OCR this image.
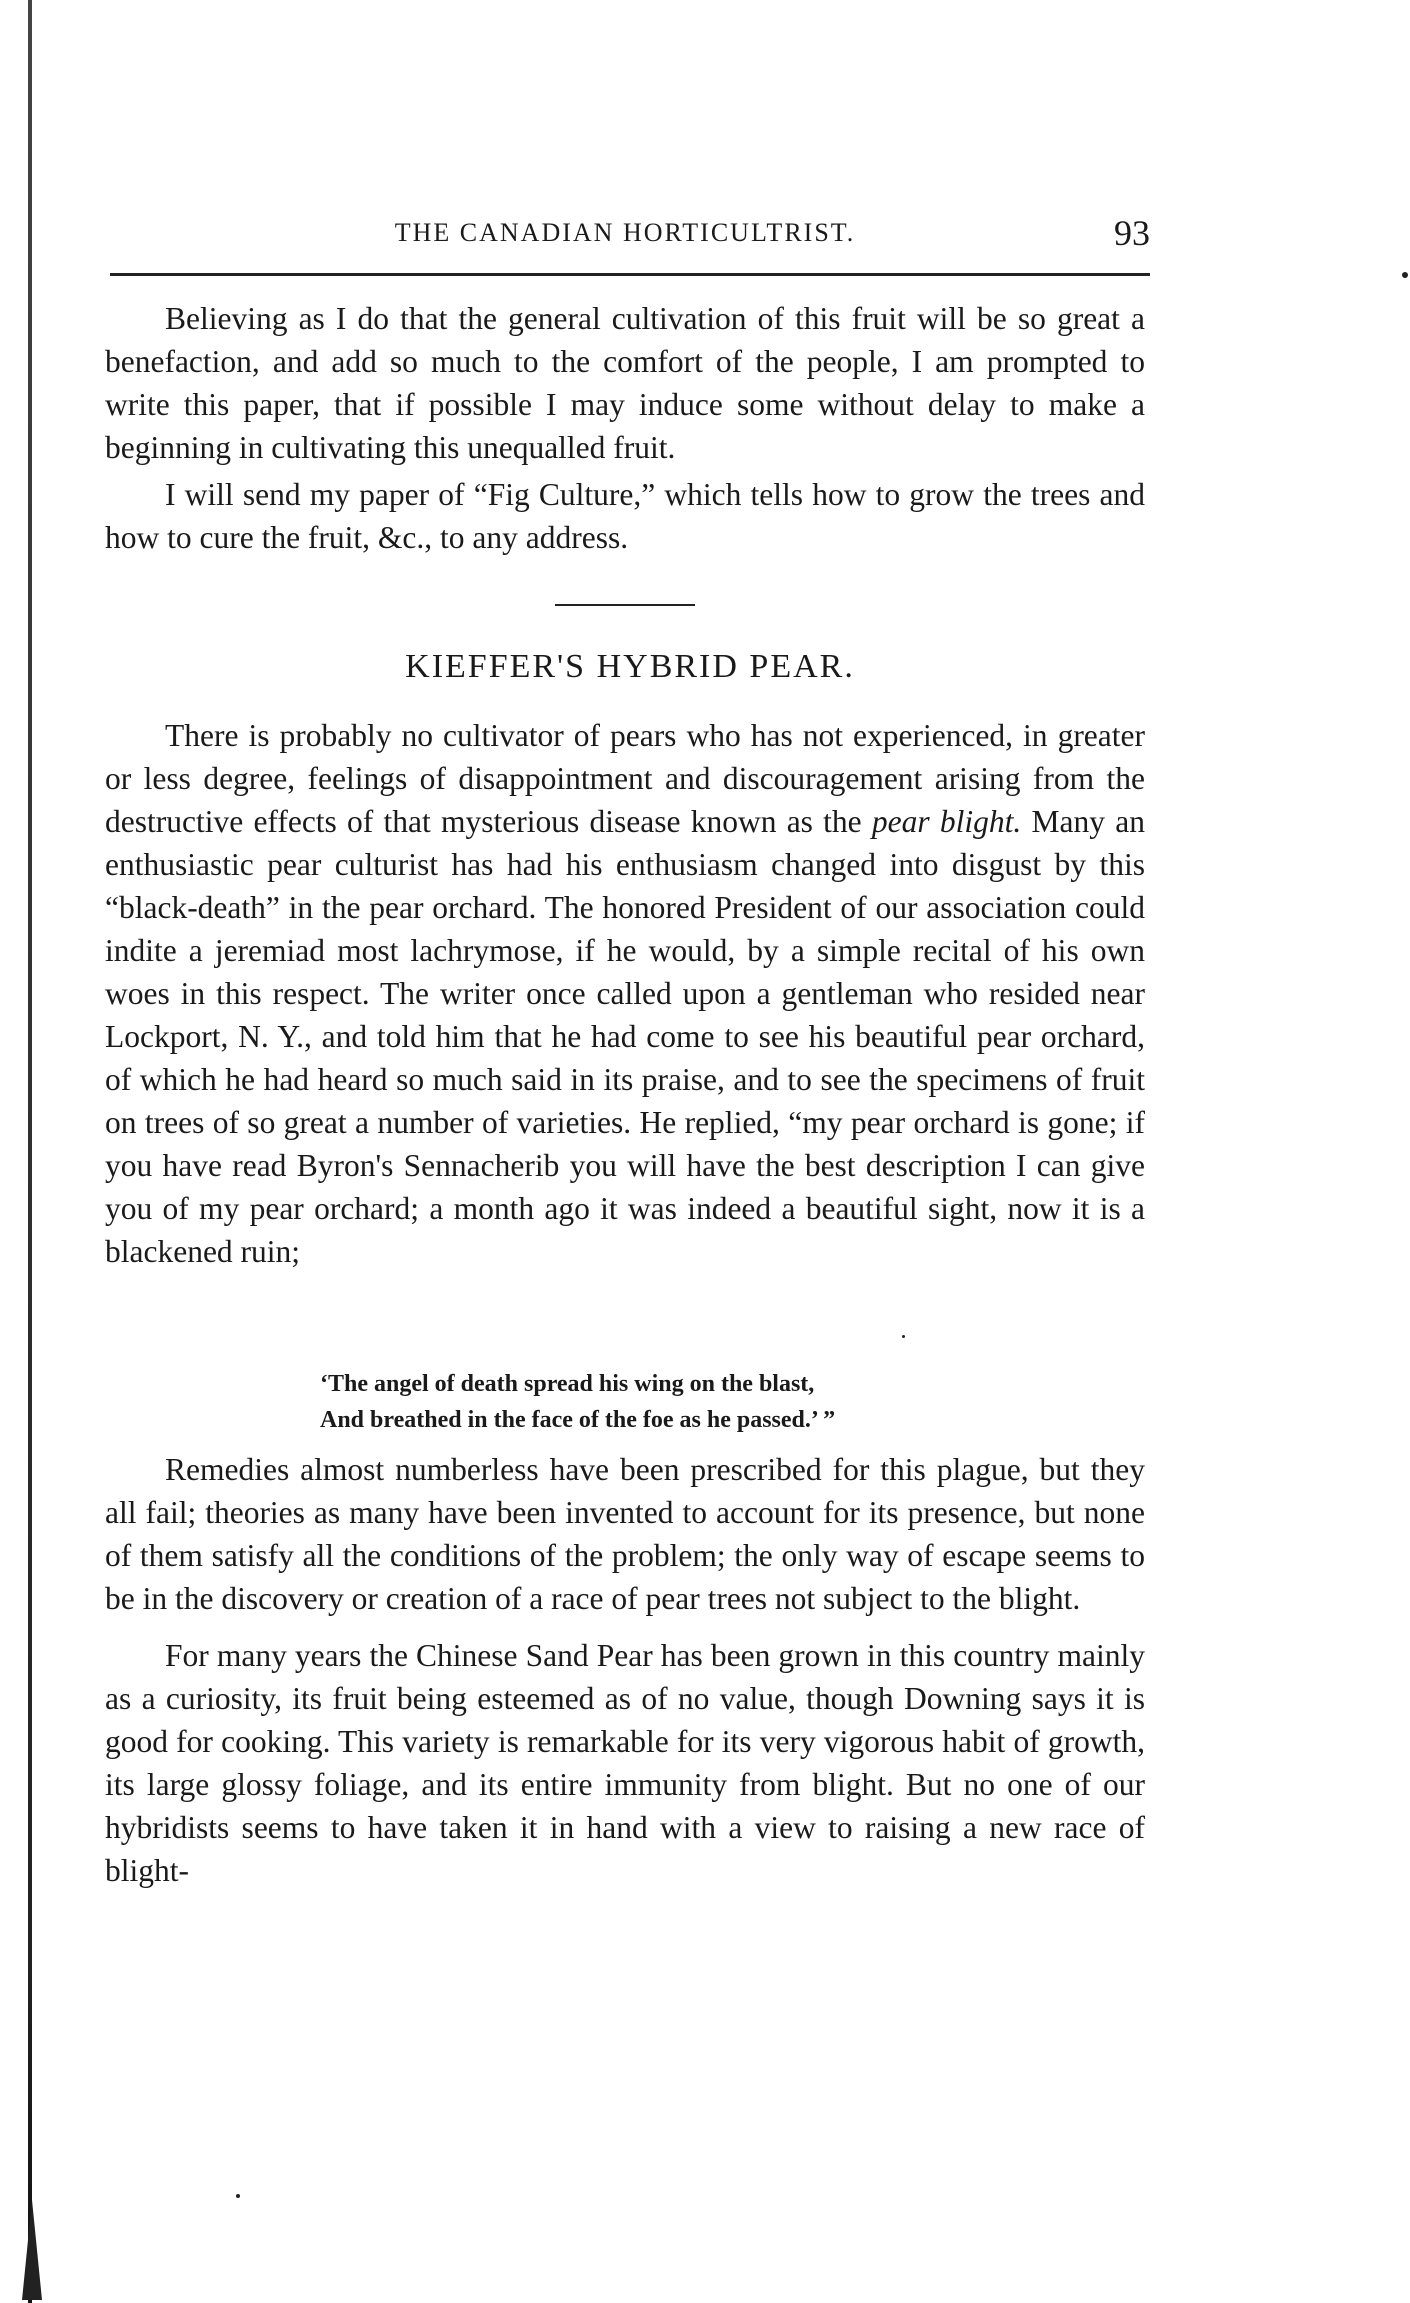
THE CANADIAN HORTICULTRIST.	93

Believing as I do that the general cultivation of this fruit will be so great a benefaction, and add so much to the comfort of the people, I am prompted to write this paper, that if possible I may induce some without delay to make a beginning in cultivating this unequalled fruit.

I will send my paper of “Fig Culture,” which tells how to grow the trees and how to cure the fruit, &c., to any address.

KIEFFER'S HYBRID PEAR.

There is probably no cultivator of pears who has not experienced, in greater or less degree, feelings of disappointment and discouragement arising from the destructive effects of that mysterious disease known as the pear blight. Many an enthusiastic pear culturist has had his enthusiasm changed into disgust by this “black-death” in the pear orchard. The honored President of our association could indite a jeremiad most lachrymose, if he would, by a simple recital of his own woes in this respect. The writer once called upon a gentleman who resided near Lockport, N. Y., and told him that he had come to see his beautiful pear orchard, of which he had heard so much said in its praise, and to see the specimens of fruit on trees of so great a number of varieties. He replied, “my pear orchard is gone; if you have read Byron's Sennacherib you will have the best description I can give you of my pear orchard; a month ago it was indeed a beautiful sight, now it is a blackened ruin;

‘The angel of death spread his wing on the blast,
And breathed in the face of the foe as he passed.’ ”

Remedies almost numberless have been prescribed for this plague, but they all fail; theories as many have been invented to account for its presence, but none of them satisfy all the conditions of the problem; the only way of escape seems to be in the discovery or creation of a race of pear trees not subject to the blight.

For many years the Chinese Sand Pear has been grown in this country mainly as a curiosity, its fruit being esteemed as of no value, though Downing says it is good for cooking. This variety is remarkable for its very vigorous habit of growth, its large glossy foliage, and its entire immunity from blight. But no one of our hybridists seems to have taken it in hand with a view to raising a new race of blight-
